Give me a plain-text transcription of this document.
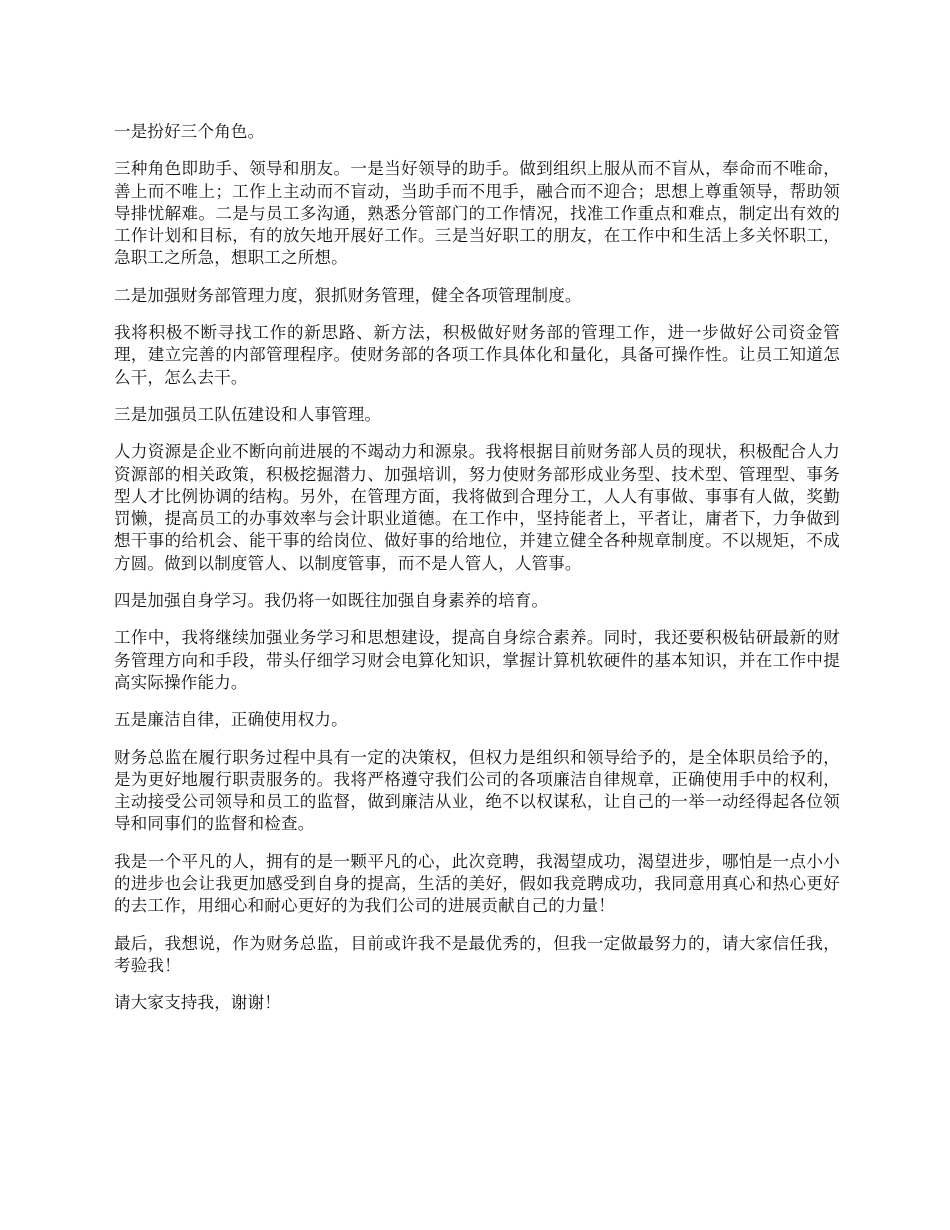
一是扮好三个角色。

三种角色即助手、领导和朋友。一是当好领导的助手。做到组织上服从而不盲从，奉命而不唯命，善上而不唯上；工作上主动而不盲动，当助手而不甩手，融合而不迎合；思想上尊重领导，帮助领导排忧解难。二是与员工多沟通，熟悉分管部门的工作情况，找准工作重点和难点，制定出有效的工作计划和目标，有的放矢地开展好工作。三是当好职工的朋友，在工作中和生活上多关怀职工，急职工之所急，想职工之所想。

二是加强财务部管理力度，狠抓财务管理，健全各项管理制度。

我将积极不断寻找工作的新思路、新方法，积极做好财务部的管理工作，进一步做好公司资金管理，建立完善的内部管理程序。使财务部的各项工作具体化和量化，具备可操作性。让员工知道怎么干，怎么去干。

三是加强员工队伍建设和人事管理。

人力资源是企业不断向前进展的不竭动力和源泉。我将根据目前财务部人员的现状，积极配合人力资源部的相关政策，积极挖掘潜力、加强培训，努力使财务部形成业务型、技术型、管理型、事务型人才比例协调的结构。另外，在管理方面，我将做到合理分工，人人有事做、事事有人做，奖勤罚懒，提高员工的办事效率与会计职业道德。在工作中，坚持能者上，平者让，庸者下，力争做到想干事的给机会、能干事的给岗位、做好事的给地位，并建立健全各种规章制度。不以规矩，不成方圆。做到以制度管人、以制度管事，而不是人管人，人管事。

四是加强自身学习。我仍将一如既往加强自身素养的培育。

工作中，我将继续加强业务学习和思想建设，提高自身综合素养。同时，我还要积极钻研最新的财务管理方向和手段，带头仔细学习财会电算化知识，掌握计算机软硬件的基本知识，并在工作中提高实际操作能力。

五是廉洁自律，正确使用权力。

财务总监在履行职务过程中具有一定的决策权，但权力是组织和领导给予的，是全体职员给予的，是为更好地履行职责服务的。我将严格遵守我们公司的各项廉洁自律规章，正确使用手中的权利，主动接受公司领导和员工的监督，做到廉洁从业，绝不以权谋私，让自己的一举一动经得起各位领导和同事们的监督和检查。

我是一个平凡的人，拥有的是一颗平凡的心，此次竞聘，我渴望成功，渴望进步，哪怕是一点小小的进步也会让我更加感受到自身的提高，生活的美好，假如我竞聘成功，我同意用真心和热心更好的去工作，用细心和耐心更好的为我们公司的进展贡献自己的力量！

最后，我想说，作为财务总监，目前或许我不是最优秀的，但我一定做最努力的，请大家信任我，考验我！

请大家支持我，谢谢！
